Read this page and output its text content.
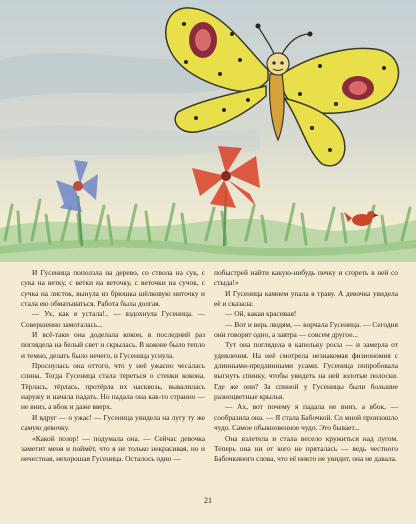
И Гусеница поползла на дерево, со ствола на сук, с сука на ветку, с ветки на веточку, с веточки на сучок, с сучка на листок, вынула из брюшка шёлковую ниточку и стала ею обматываться. Работа была долгая.

— Ух, как я устала!.. — вздохнула Гусеница. — Совершенно замоталась...

И всё-таки она доделала кокон, в последний раз поглядела на белый свет и скрылась. В коконе было тепло и темно, делать было нечего, и Гусеница уснула.

Проснулась она оттого, что у неё ужасно чесалась спина. Тогда Гусеница стала тереться о стенки кокона. Тёрлась, тёрлась, протёрла их насквозь, вывалилась наружу и начала падать. Но падала она как-то странно — не вниз, а вбок и даже вверх.

И вдруг — о ужас! — Гусеница увидела на лугу ту же самую девочку.

«Какой позор! — подумала она. — Сейчас девочка заметит меня и поймёт, что я не только некрасивая, но и нечестная, нехорошая Гусеница. Осталось одно —

побыстрей найти какую-нибудь печку и сгореть в ней со стыда!»

И Гусеница камнем упала в траву. А девочка увидела её и сказала:

— Ой, какая красивая!

— Вот и верь людям, — ворчала Гусеница. — Сегодня они говорят одно, а завтра — совсем другое...

Тут она поглядела в капельку росы — и замерла от удивления. На неё смотрела незнакомая физиономия с длинными-предлинными усами. Гусеница попробовала выгнуть спинку, чтобы увидеть на ней золотые полоски. Где же они? За спиной у Гусеницы были большие разноцветные крылья.

— Ах, вот почему я падала не вниз, а вбок, — сообразила она. — Я стала Бабочкой. Со мной произошло чудо. Самое обыкновенное чудо. Это бывает...

Она взлетела и стала весело кружиться над лугом. Теперь она ни от кого не пряталась — ведь честного Бабочкиного слова, что её никто не увидит, она не давала.

21
